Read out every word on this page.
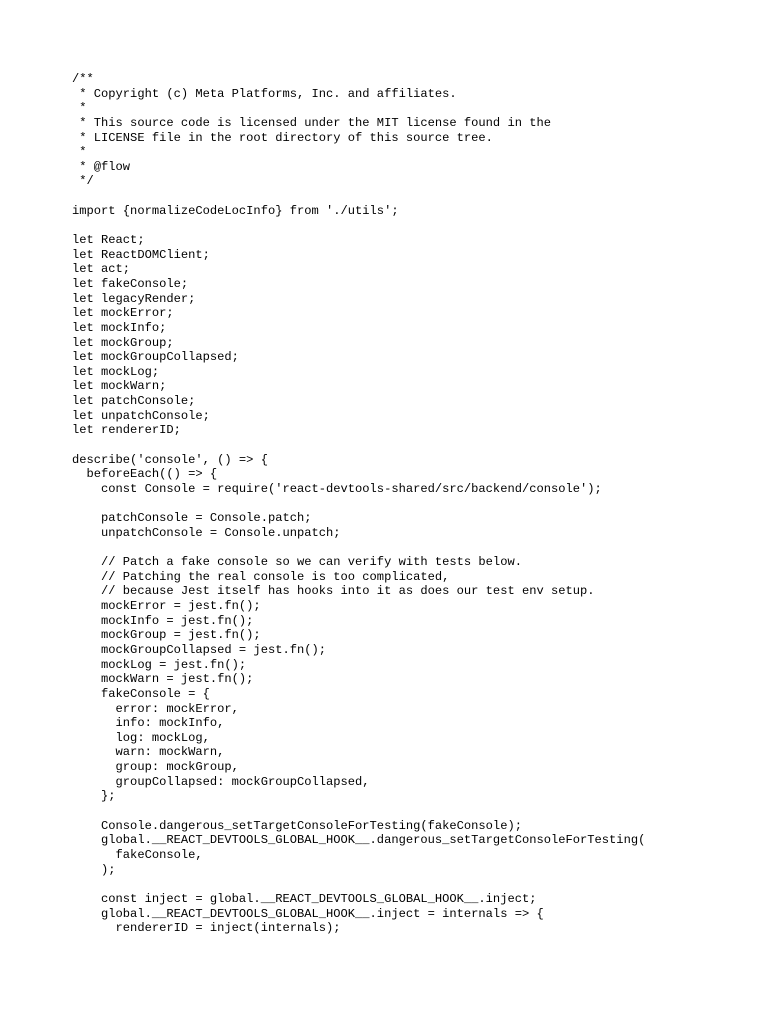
/**
* Copyright (c) Meta Platforms, Inc. and affiliates.
*
* This source code is licensed under the MIT license found in the
* LICENSE file in the root directory of this source tree.
*
* @flow
*/
import {normalizeCodeLocInfo} from './utils';
let React;
let ReactDOMClient;
let act;
let fakeConsole;
let legacyRender;
let mockError;
let mockInfo;
let mockGroup;
let mockGroupCollapsed;
let mockLog;
let mockWarn;
let patchConsole;
let unpatchConsole;
let rendererID;
describe('console', () => {
beforeEach(() => {
const Console = require('react-devtools-shared/src/backend/console');
patchConsole = Console.patch;
unpatchConsole = Console.unpatch;
// Patch a fake console so we can verify with tests below.
// Patching the real console is too complicated,
// because Jest itself has hooks into it as does our test env setup.
mockError = jest.fn();
mockInfo = jest.fn();
mockGroup = jest.fn();
mockGroupCollapsed = jest.fn();
mockLog = jest.fn();
mockWarn = jest.fn();
fakeConsole = {
error: mockError,
info: mockInfo,
log: mockLog,
warn: mockWarn,
group: mockGroup,
groupCollapsed: mockGroupCollapsed,
};
Console.dangerous_setTargetConsoleForTesting(fakeConsole);
global.__REACT_DEVTOOLS_GLOBAL_HOOK__.dangerous_setTargetConsoleForTesting(
fakeConsole,
);
const inject = global.__REACT_DEVTOOLS_GLOBAL_HOOK__.inject;
global.__REACT_DEVTOOLS_GLOBAL_HOOK__.inject = internals => {
rendererID = inject(internals);
